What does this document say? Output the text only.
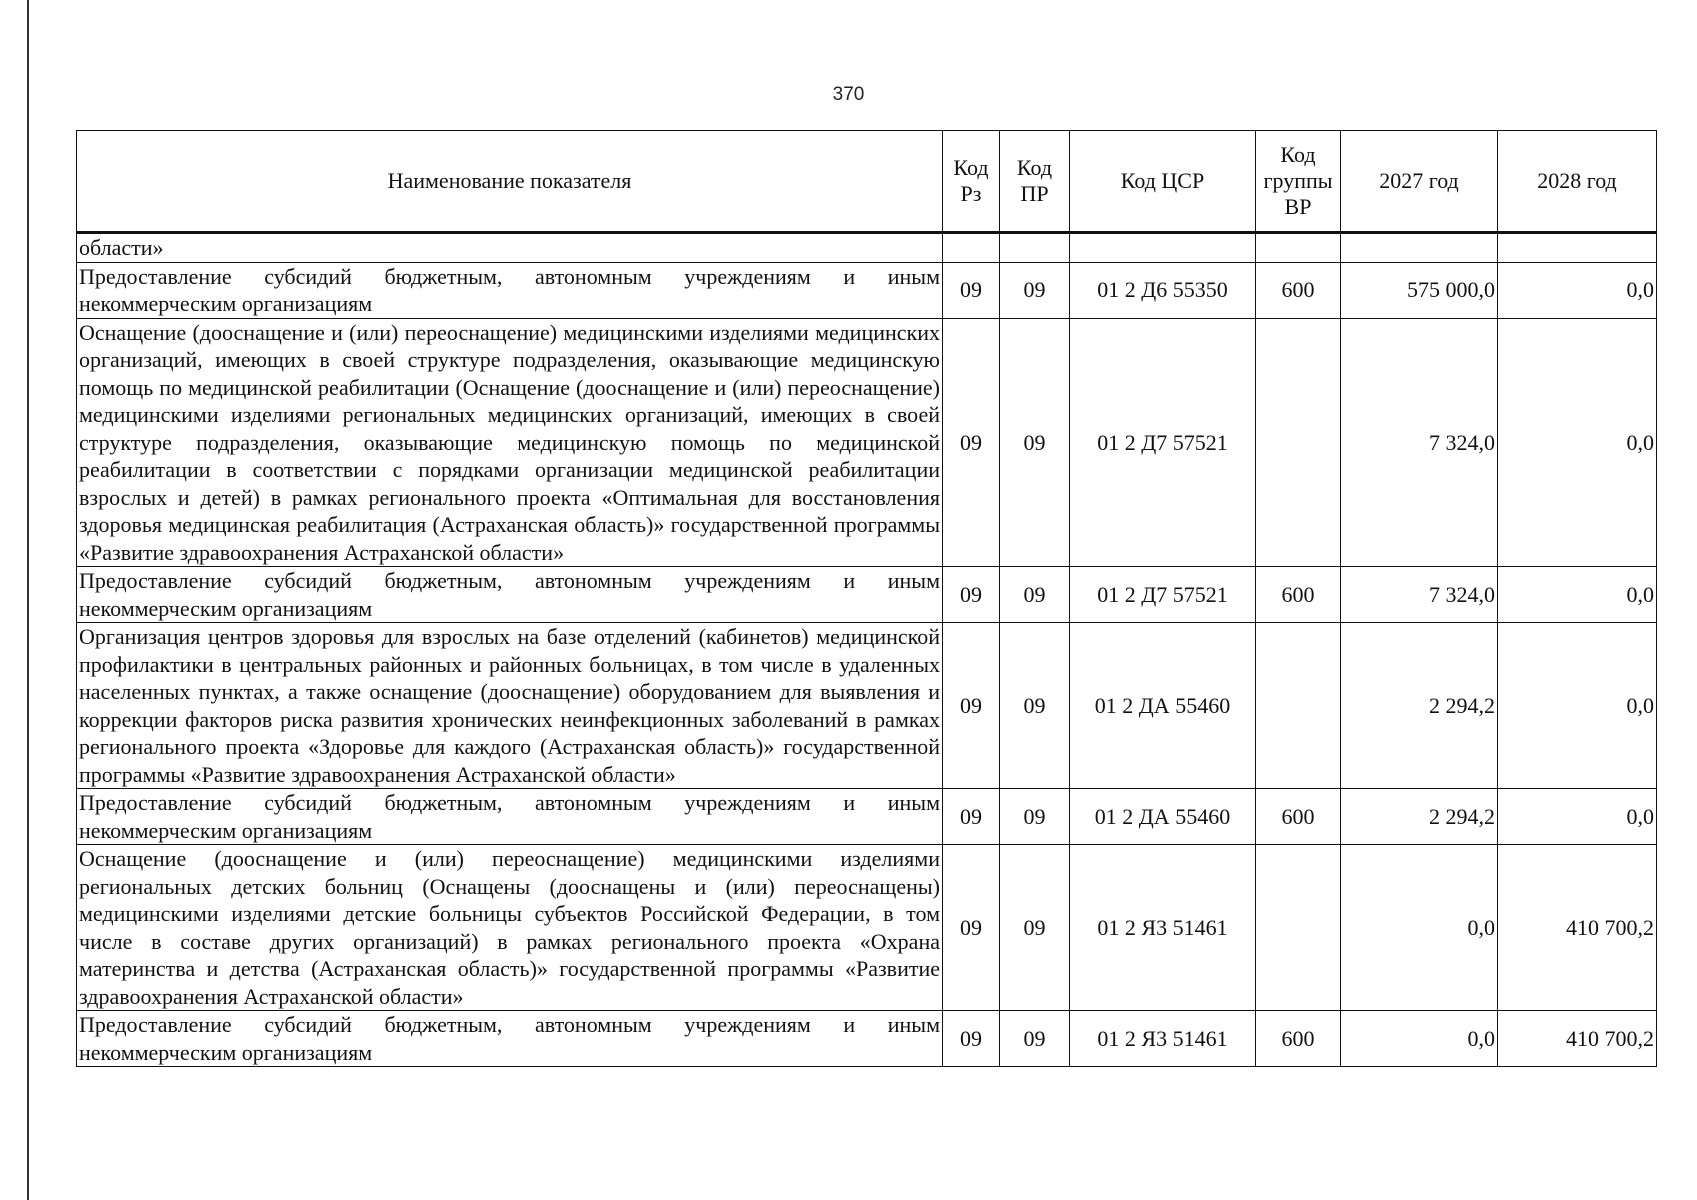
370
Наименование показателя	Код Рз	Код ПР	Код ЦСР	Код группы ВР	2027 год	2028 год
области»						
Предоставление субсидий бюджетным, автономным учреждениям и иным некоммерческим организациям	09	09	01 2 Д6 55350	600	575 000,0	0,0
Оснащение (дооснащение и (или) переоснащение) медицинскими изделиями медицинских организаций, имеющих в своей структуре подразделения, оказывающие медицинскую помощь по медицинской реабилитации (Оснащение (дооснащение и (или) переоснащение) медицинскими изделиями региональных медицинских организаций, имеющих в своей структуре подразделения, оказывающие медицинскую помощь по медицинской реабилитации в соответствии с порядками организации медицинской реабилитации взрослых и детей) в рамках регионального проекта «Оптимальная для восстановления здоровья медицинская реабилитация (Астраханская область)» государственной программы «Развитие здравоохранения Астраханской области»	09	09	01 2 Д7 57521		7 324,0	0,0
Предоставление субсидий бюджетным, автономным учреждениям и иным некоммерческим организациям	09	09	01 2 Д7 57521	600	7 324,0	0,0
Организация центров здоровья для взрослых на базе отделений (кабинетов) медицинской профилактики в центральных районных и районных больницах, в том числе в удаленных населенных пунктах, а также оснащение (дооснащение) оборудованием для выявления и коррекции факторов риска развития хронических неинфекционных заболеваний в рамках регионального проекта «Здоровье для каждого (Астраханская область)» государственной программы «Развитие здравоохранения Астраханской области»	09	09	01 2 ДА 55460		2 294,2	0,0
Предоставление субсидий бюджетным, автономным учреждениям и иным некоммерческим организациям	09	09	01 2 ДА 55460	600	2 294,2	0,0
Оснащение (дооснащение и (или) переоснащение) медицинскими изделиями региональных детских больниц (Оснащены (дооснащены и (или) переоснащены) медицинскими изделиями детские больницы субъектов Российской Федерации, в том числе в составе других организаций) в рамках регионального проекта «Охрана материнства и детства (Астраханская область)» государственной программы «Развитие здравоохранения Астраханской области»	09	09	01 2 Я3 51461		0,0	410 700,2
Предоставление субсидий бюджетным, автономным учреждениям и иным некоммерческим организациям	09	09	01 2 Я3 51461	600	0,0	410 700,2
